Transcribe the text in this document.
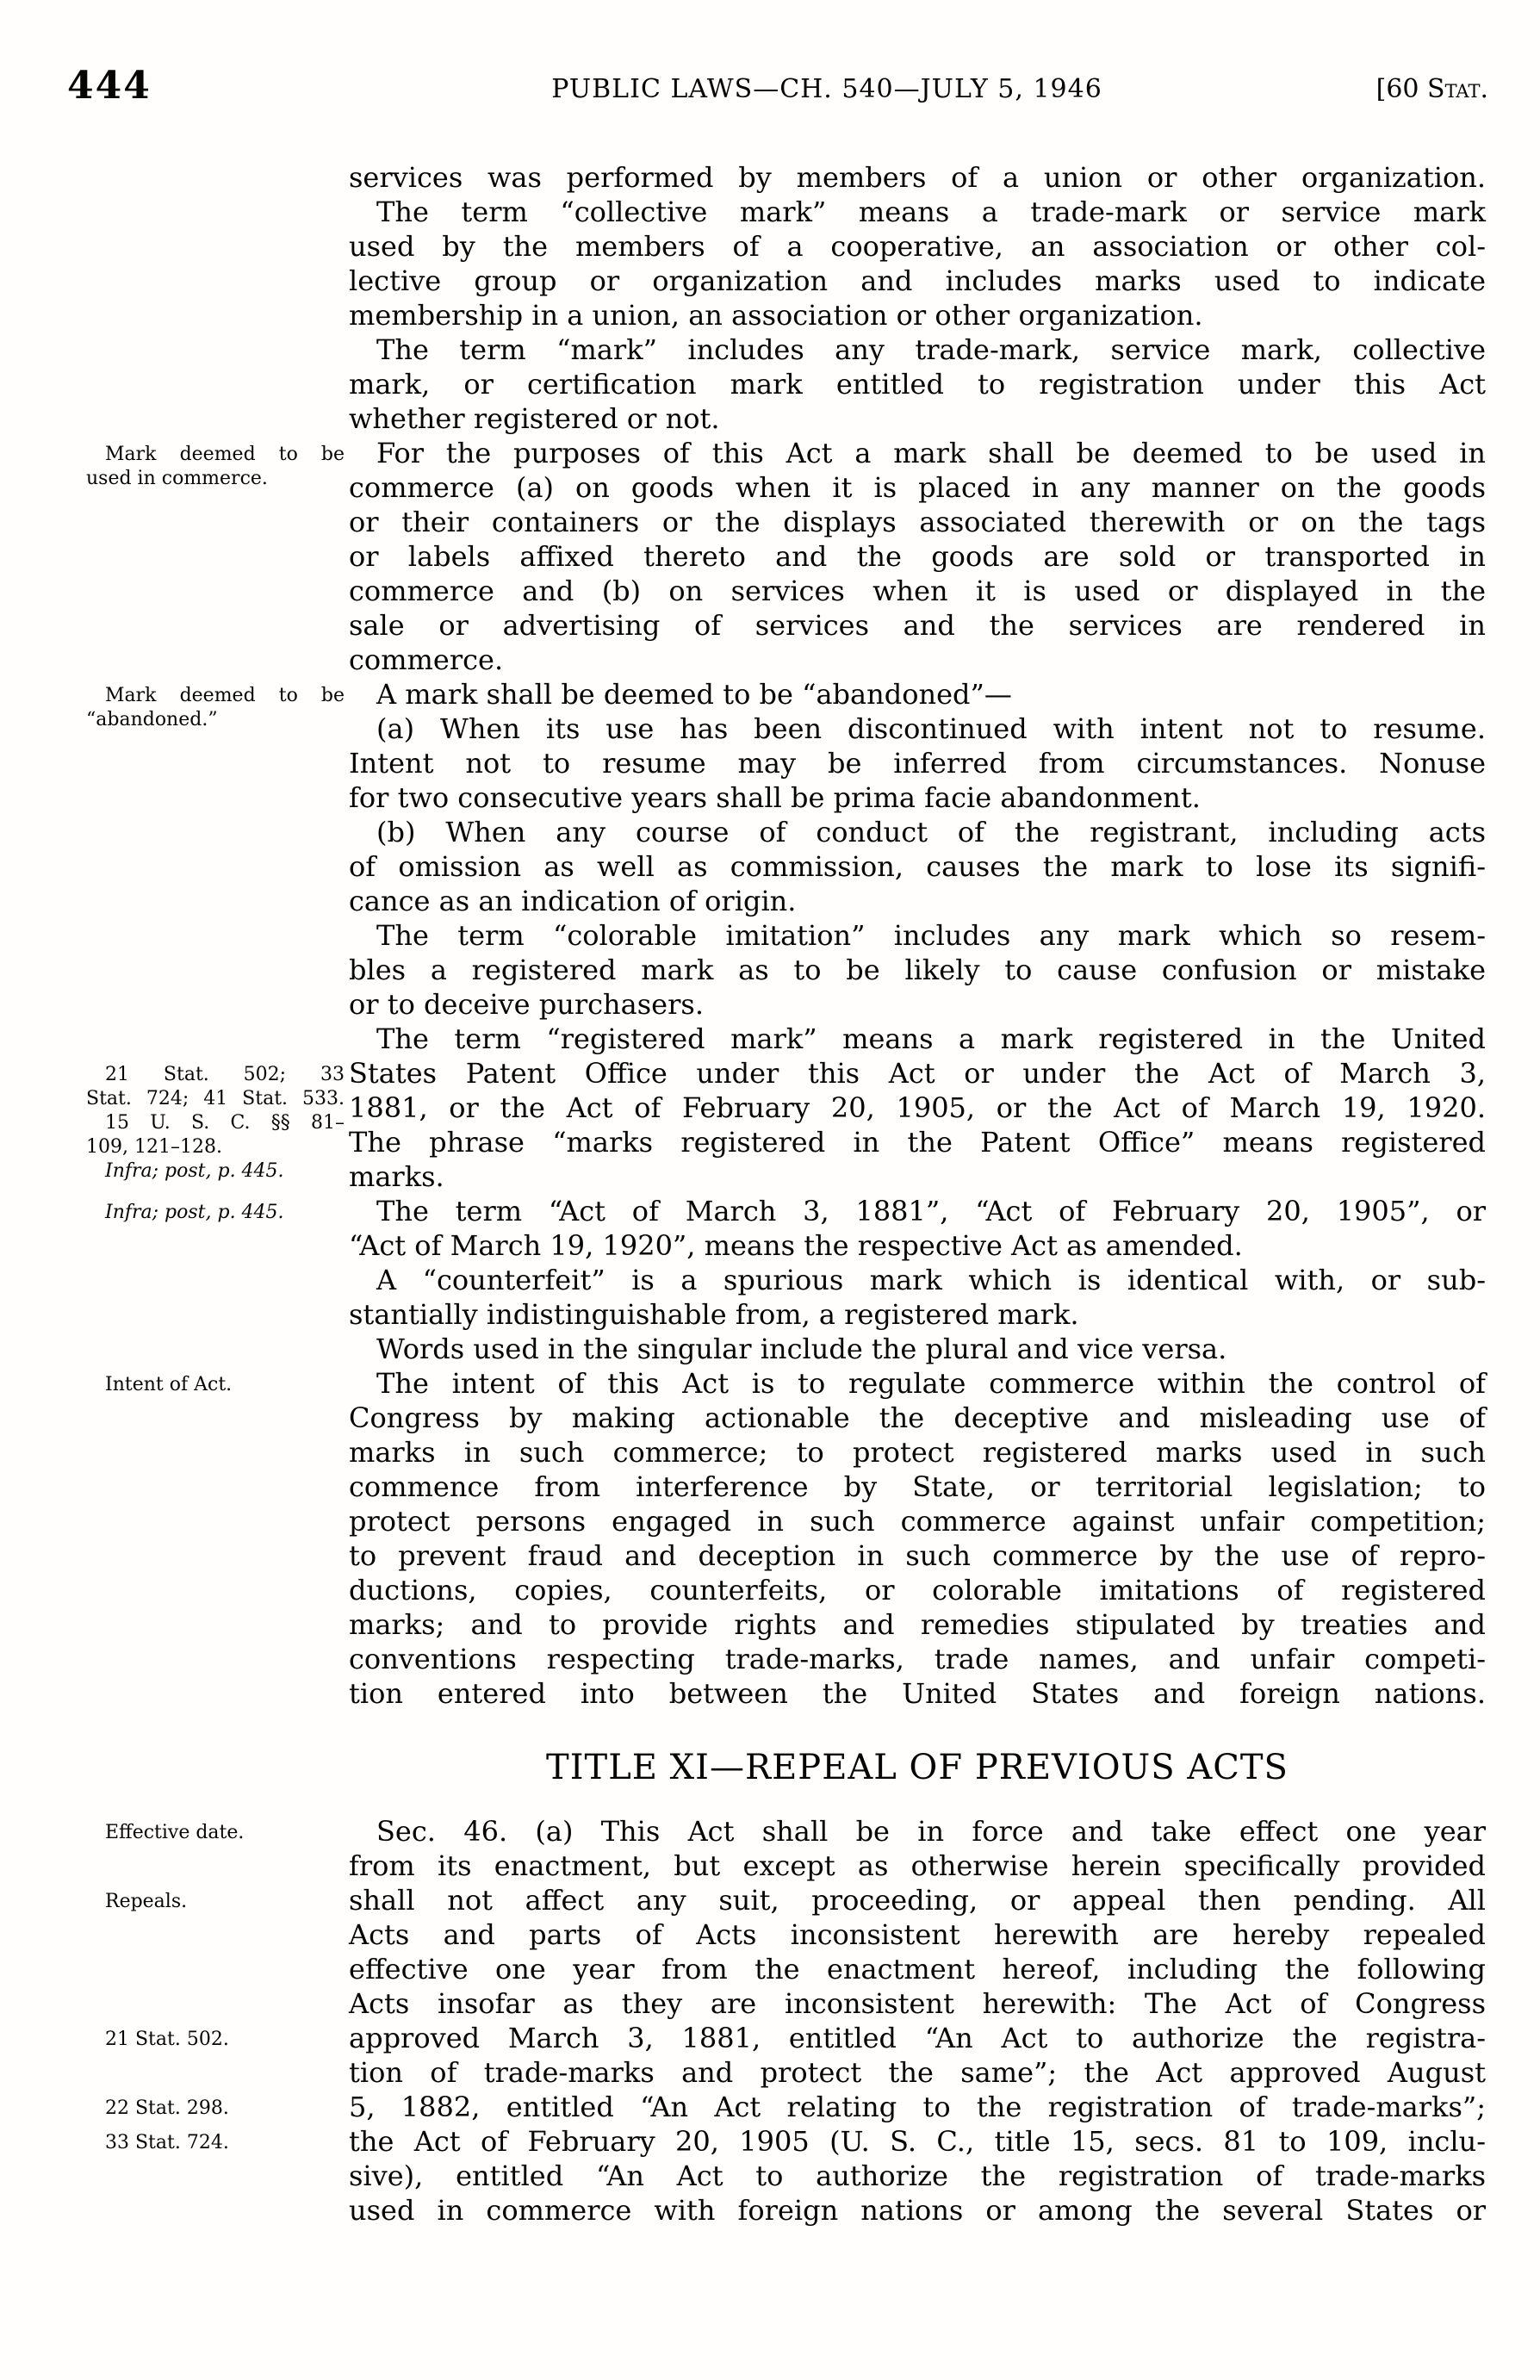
444	PUBLIC LAWS—CH. 540—JULY 5, 1946	[60 Stat.
  Mark deemed to be
used in commerce.
  Mark deemed to be
“abandoned.”
  21 Stat. 502; 33
Stat. 724; 41 Stat. 533.
  15 U. S. C. §§ 81–
109, 121–128.
  Infra; post, p. 445.
  Infra; post, p. 445.
  Intent of Act.
  Effective date.
  Repeals.
  21 Stat. 502.
  22 Stat. 298.
  33 Stat. 724.

services was performed by members of a union or other organization.

  The term “collective mark” means a trade-mark or service mark
used by the members of a cooperative, an association or other col-
lective group or organization and includes marks used to indicate
membership in a union, an association or other organization.

  The term “mark” includes any trade-mark, service mark, collective
mark, or certification mark entitled to registration under this Act
whether registered or not.

  For the purposes of this Act a mark shall be deemed to be used in
commerce (a) on goods when it is placed in any manner on the goods
or their containers or the displays associated therewith or on the tags
or labels affixed thereto and the goods are sold or transported in
commerce and (b) on services when it is used or displayed in the
sale or advertising of services and the services are rendered in
commerce.

  A mark shall be deemed to be “abandoned”—

  (a) When its use has been discontinued with intent not to resume.
Intent not to resume may be inferred from circumstances. Nonuse
for two consecutive years shall be prima facie abandonment.

  (b) When any course of conduct of the registrant, including acts
of omission as well as commission, causes the mark to lose its signifi-
cance as an indication of origin.

  The term “colorable imitation” includes any mark which so resem-
bles a registered mark as to be likely to cause confusion or mistake
or to deceive purchasers.

  The term “registered mark” means a mark registered in the United
States Patent Office under this Act or under the Act of March 3,
1881, or the Act of February 20, 1905, or the Act of March 19, 1920.
The phrase “marks registered in the Patent Office” means registered
marks.

  The term “Act of March 3, 1881”, “Act of February 20, 1905”, or
“Act of March 19, 1920”, means the respective Act as amended.

  A “counterfeit” is a spurious mark which is identical with, or sub-
stantially indistinguishable from, a registered mark.

  Words used in the singular include the plural and vice versa.

  The intent of this Act is to regulate commerce within the control of
Congress by making actionable the deceptive and misleading use of
marks in such commerce; to protect registered marks used in such
commence from interference by State, or territorial legislation; to
protect persons engaged in such commerce against unfair competition;
to prevent fraud and deception in such commerce by the use of repro-
ductions, copies, counterfeits, or colorable imitations of registered
marks; and to provide rights and remedies stipulated by treaties and
conventions respecting trade-marks, trade names, and unfair competi-
tion entered into between the United States and foreign nations.

TITLE XI—REPEAL OF PREVIOUS ACTS

  Sec. 46. (a) This Act shall be in force and take effect one year
from its enactment, but except as otherwise herein specifically provided
shall not affect any suit, proceeding, or appeal then pending. All
Acts and parts of Acts inconsistent herewith are hereby repealed
effective one year from the enactment hereof, including the following
Acts insofar as they are inconsistent herewith: The Act of Congress
approved March 3, 1881, entitled “An Act to authorize the registra-
tion of trade-marks and protect the same”; the Act approved August
5, 1882, entitled “An Act relating to the registration of trade-marks”;
the Act of February 20, 1905 (U. S. C., title 15, secs. 81 to 109, inclu-
sive), entitled “An Act to authorize the registration of trade-marks
used in commerce with foreign nations or among the several States or
